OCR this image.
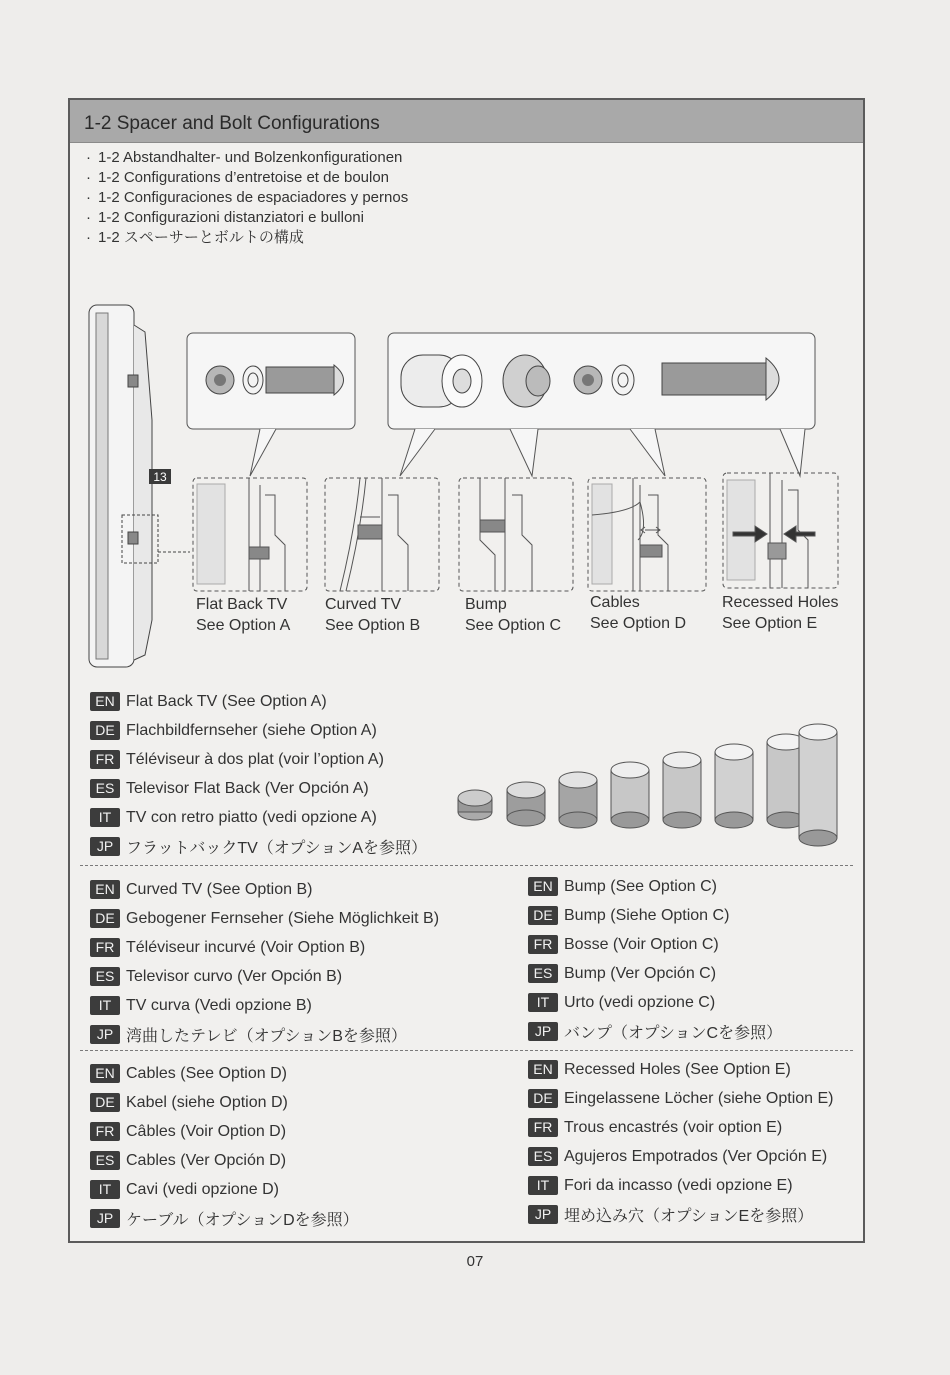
1-2 Spacer and Bolt Configurations
· 1-2 Abstandhalter- und Bolzenkonfigurationen
· 1-2 Configurations d’entretoise et de boulon
· 1-2 Configuraciones de espaciadores y pernos
· 1-2 Configurazioni distanziatori e bulloni
· 1-2 スペーサーとボルトの構成
13
Flat Back TV
See Option A
Curved TV
See Option B
Bump
See Option C
Cables
See Option D
Recessed Holes
See Option E
EN Flat Back TV (See Option A)
DE Flachbildfernseher (siehe Option A)
FR Téléviseur à dos plat (voir l’option A)
ES Televisor Flat Back (Ver Opción A)
IT TV con retro piatto (vedi opzione A)
JP フラットバックTV（オプションAを参照）
EN Curved TV (See Option B)
DE Gebogener Fernseher (Siehe Möglichkeit B)
FR Téléviseur incurvé (Voir Option B)
ES Televisor curvo (Ver Opción B)
IT TV curva (Vedi opzione B)
JP 湾曲したテレビ（オプションBを参照）
EN Bump (See Option C)
DE Bump (Siehe Option C)
FR Bosse (Voir Option C)
ES Bump (Ver Opción C)
IT Urto (vedi opzione C)
JP バンプ（オプションCを参照）
EN Cables (See Option D)
DE Kabel (siehe Option D)
FR Câbles (Voir Option D)
ES Cables (Ver Opción D)
IT Cavi (vedi opzione D)
JP ケーブル（オプションDを参照）
EN Recessed Holes (See Option E)
DE Eingelassene Löcher (siehe Option E)
FR Trous encastrés (voir option E)
ES Agujeros Empotrados (Ver Opción E)
IT Fori da incasso (vedi opzione E)
JP 埋め込み穴（オプションEを参照）
07
